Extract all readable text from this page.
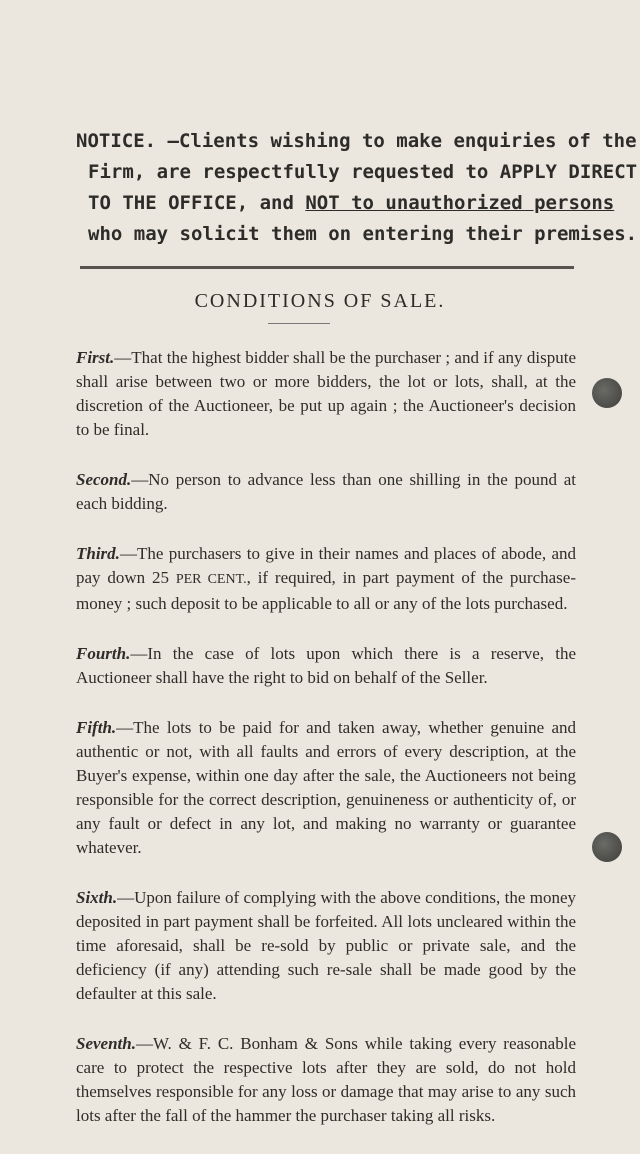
NOTICE. —Clients wishing to make enquiries of the
Firm, are respectfully requested to APPLY DIRECT
TO THE OFFICE, and NOT to unauthorized persons
who may solicit them on entering their premises.
CONDITIONS OF SALE.

First.—That the highest bidder shall be the purchaser ; and if any dispute shall arise between two or more bidders, the lot or lots, shall, at the discretion of the Auctioneer, be put up again ; the Auctioneer's decision to be final.

Second.—No person to advance less than one shilling in the pound at each bidding.

Third.—The purchasers to give in their names and places of abode, and pay down 25 PER CENT., if required, in part payment of the purchase-money ; such deposit to be applicable to all or any of the lots purchased.

Fourth.—In the case of lots upon which there is a reserve, the Auctioneer shall have the right to bid on behalf of the Seller.

Fifth.—The lots to be paid for and taken away, whether genuine and authentic or not, with all faults and errors of every description, at the Buyer's expense, within one day after the sale, the Auctioneers not being responsible for the correct description, genuineness or authenticity of, or any fault or defect in any lot, and making no warranty or guarantee whatever.

Sixth.—Upon failure of complying with the above conditions, the money deposited in part payment shall be forfeited. All lots uncleared within the time aforesaid, shall be re-sold by public or private sale, and the deficiency (if any) attending such re-sale shall be made good by the defaulter at this sale.

Seventh.—W. & F. C. Bonham & Sons while taking every reasonable care to protect the respective lots after they are sold, do not hold themselves responsible for any loss or damage that may arise to any such lots after the fall of the hammer the purchaser taking all risks.
